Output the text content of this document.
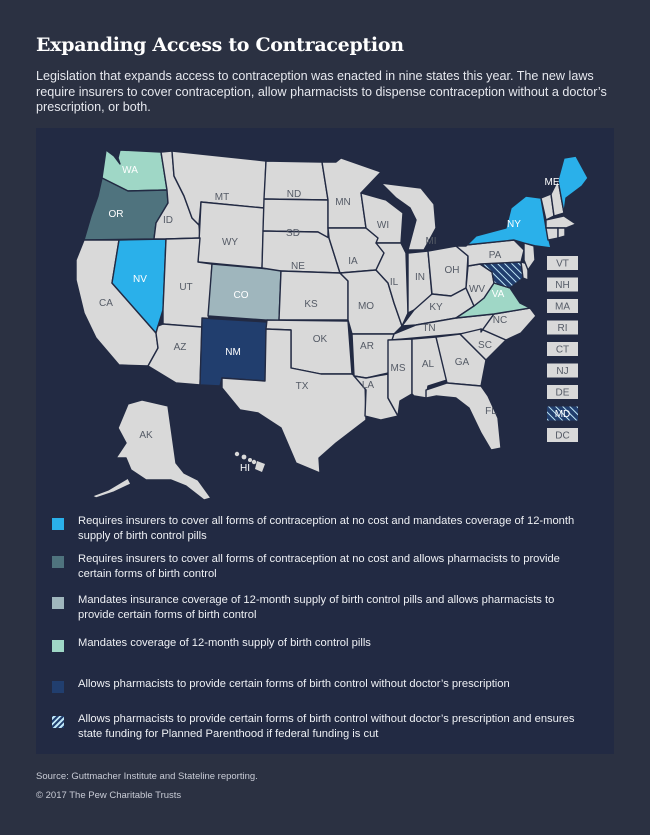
Expanding Access to Contraception
Legislation that expands access to contraception was enacted in nine states this year. The new laws require insurers to cover contraception, allow pharmacists to dispense contraception without a doctor’s prescription, or both.
WA
OR
CA
NV
ID
MT
WY
UT
CO
AZ	NM
ND
SD
NE
KS
OK
TX
MN
IA
MO
AR
LA
WI
IL
MI
IN
OH
KY
TN
MS AL GA
FL
SC
NC
VA
WV
PA
NY
ME
AK
HI
VT
NH
MA
RI
CT
NJ
DE
MD
DC
Requires insurers to cover all forms of contraception at no cost and mandates coverage of 12-month supply of birth control pills
Requires insurers to cover all forms of contraception at no cost and allows pharmacists to provide certain forms of birth control
Mandates insurance coverage of 12-month supply of birth control pills and allows pharmacists to provide certain forms of birth control
Mandates coverage of 12-month supply of birth control pills
Allows pharmacists to provide certain forms of birth control without doctor’s prescription
Allows pharmacists to provide certain forms of birth control without doctor’s prescription and ensures state funding for Planned Parenthood if federal funding is cut
Source: Guttmacher Institute and Stateline reporting.
© 2017 The Pew Charitable Trusts
